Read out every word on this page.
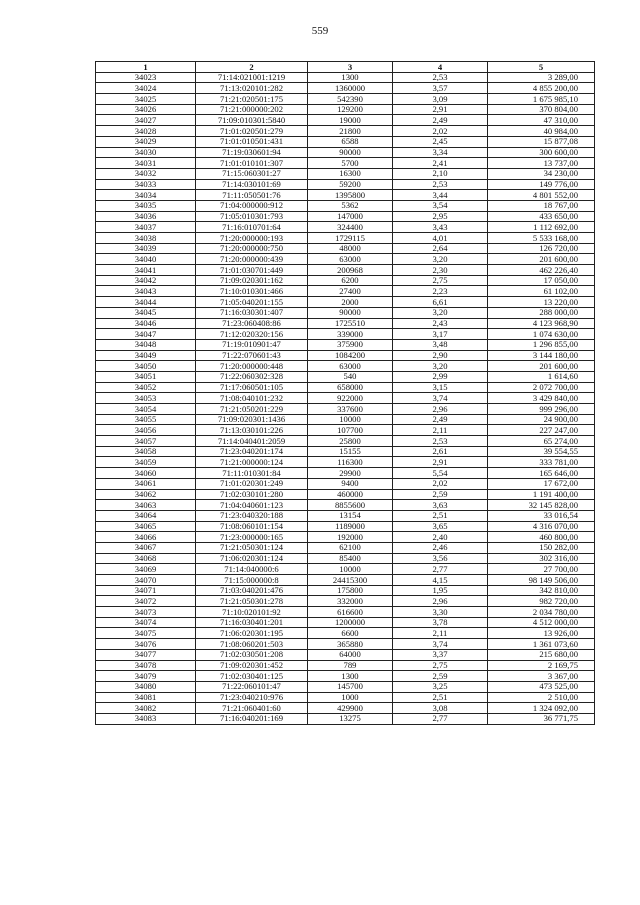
559
1	2	3	4	5
34023	71:14:021001:1219	1300	2,53	3 289,00
34024	71:13:020101:282	1360000	3,57	4 855 200,00
34025	71:21:020501:175	542390	3,09	1 675 985,10
34026	71:21:000000:202	129200	2,91	370 804,00
34027	71:09:010301:5840	19000	2,49	47 310,00
34028	71:01:020501:279	21800	2,02	40 984,00
34029	71:01:010501:431	6588	2,45	15 877,08
34030	71:19:030601:94	90000	3,34	300 600,00
34031	71:01:010101:307	5700	2,41	13 737,00
34032	71:15:060301:27	16300	2,10	34 230,00
34033	71:14:030101:69	59200	2,53	149 776,00
34034	71:11:050501:76	1395800	3,44	4 801 552,00
34035	71:04:000000:912	5362	3,54	18 767,00
34036	71:05:010301:793	147000	2,95	433 650,00
34037	71:16:010701:64	324400	3,43	1 112 692,00
34038	71:20:000000:193	1729115	4,01	5 533 168,00
34039	71:20:000000:750	48000	2,64	126 720,00
34040	71:20:000000:439	63000	3,20	201 600,00
34041	71:01:030701:449	200968	2,30	462 226,40
34042	71:09:020301:162	6200	2,75	17 050,00
34043	71:10:010301:466	27400	2,23	61 102,00
34044	71:05:040201:155	2000	6,61	13 220,00
34045	71:16:030301:407	90000	3,20	288 000,00
34046	71:23:060408:86	1725510	2,43	4 123 968,90
34047	71:12:020320:156	339000	3,17	1 074 630,00
34048	71:19:010901:47	375900	3,48	1 296 855,00
34049	71:22:070601:43	1084200	2,90	3 144 180,00
34050	71:20:000000:448	63000	3,20	201 600,00
34051	71:22:060302:328	540	2,99	1 614,60
34052	71:17:060501:105	658000	3,15	2 072 700,00
34053	71:08:040101:232	922000	3,74	3 429 840,00
34054	71:21:050201:229	337600	2,96	999 296,00
34055	71:09:020301:1436	10000	2,49	24 900,00
34056	71:13:030101:226	107700	2,11	227 247,00
34057	71:14:040401:2059	25800	2,53	65 274,00
34058	71:23:040201:174	15155	2,61	39 554,55
34059	71:21:000000:124	116300	2,91	333 781,00
34060	71:11:010301:84	29900	5,54	165 646,00
34061	71:01:020301:249	9400	2,02	17 672,00
34062	71:02:030101:280	460000	2,59	1 191 400,00
34063	71:04:040601:123	8855600	3,63	32 145 828,00
34064	71:23:040320:188	13154	2,51	33 016,54
34065	71:08:060101:154	1189000	3,65	4 316 070,00
34066	71:23:000000:165	192000	2,40	460 800,00
34067	71:21:050301:124	62100	2,46	150 282,00
34068	71:06:020301:124	85400	3,56	302 316,00
34069	71:14:040000:6	10000	2,77	27 700,00
34070	71:15:000000:8	24415300	4,15	98 149 506,00
34071	71:03:040201:476	175800	1,95	342 810,00
34072	71:21:050301:278	332000	2,96	982 720,00
34073	71:10:020101:92	616600	3,30	2 034 780,00
34074	71:16:030401:201	1200000	3,78	4 512 000,00
34075	71:06:020301:195	6600	2,11	13 926,00
34076	71:08:060201:503	365880	3,74	1 361 073,60
34077	71:02:030501:208	64000	3,37	215 680,00
34078	71:09:020301:452	789	2,75	2 169,75
34079	71:02:030401:125	1300	2,59	3 367,00
34080	71:22:060101:47	145700	3,25	473 525,00
34081	71:23:040210:976	1000	2,51	2 510,00
34082	71:21:060401:60	429900	3,08	1 324 092,00
34083	71:16:040201:169	13275	2,77	36 771,75
